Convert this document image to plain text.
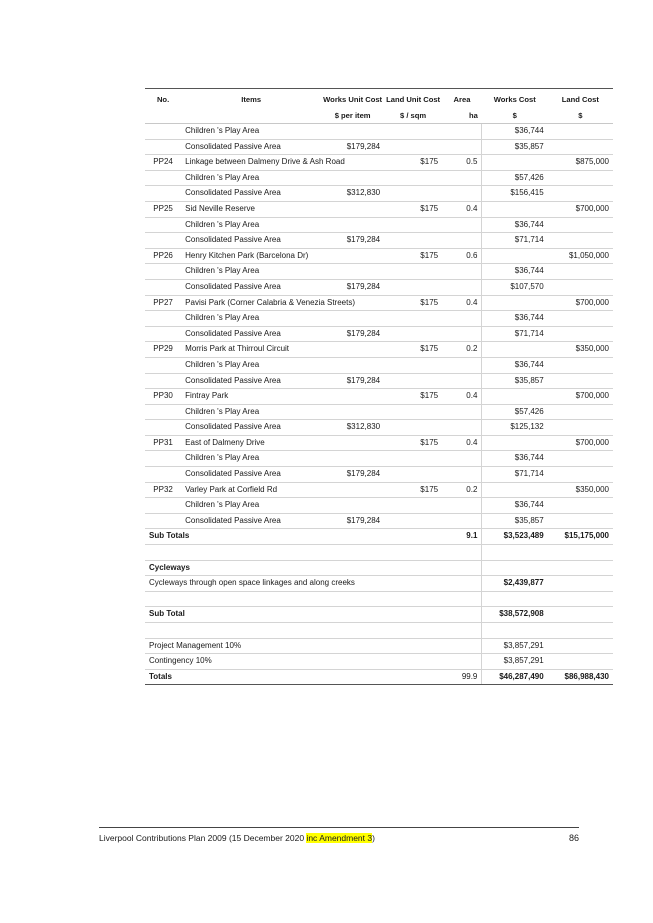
No.	Items	Works Unit Cost	Land Unit Cost	Area	Works Cost	Land Cost
		$ per item	$ / sqm	ha	$	$
	Children 's Play Area				$36,744	
	Consolidated Passive Area	$179,284			$35,857	
PP24	Linkage between Dalmeny Drive & Ash Road		$175	0.5		$875,000
	Children 's Play Area				$57,426	
	Consolidated Passive Area	$312,830			$156,415	
PP25	Sid Neville Reserve		$175	0.4		$700,000
	Children 's Play Area				$36,744	
	Consolidated Passive Area	$179,284			$71,714	
PP26	Henry Kitchen Park (Barcelona Dr)		$175	0.6		$1,050,000
	Children 's Play Area				$36,744	
	Consolidated Passive Area	$179,284			$107,570	
PP27	Pavisi Park (Corner Calabria & Venezia Streets)		$175	0.4		$700,000
	Children 's Play Area				$36,744	
	Consolidated Passive Area	$179,284			$71,714	
PP29	Morris Park at Thirroul Circuit		$175	0.2		$350,000
	Children 's Play Area				$36,744	
	Consolidated Passive Area	$179,284			$35,857	
PP30	Fintray Park		$175	0.4		$700,000
	Children 's Play Area				$57,426	
	Consolidated Passive Area	$312,830			$125,132	
PP31	East of Dalmeny Drive		$175	0.4		$700,000
	Children 's Play Area				$36,744	
	Consolidated Passive Area	$179,284			$71,714	
PP32	Varley Park at Corfield Rd		$175	0.2		$350,000
	Children 's Play Area				$36,744	
	Consolidated Passive Area	$179,284			$35,857	
Sub Totals				9.1	$3,523,489	$15,175,000

Cycleways						
Cycleways through open space linkages and along creeks					$2,439,877	

Sub Total					$38,572,908	

Project Management 10%					$3,857,291	
Contingency 10%					$3,857,291	
Totals				99.9	$46,287,490	$86,988,430
Liverpool Contributions Plan 2009 (15 December 2020 inc Amendment 3)	86
